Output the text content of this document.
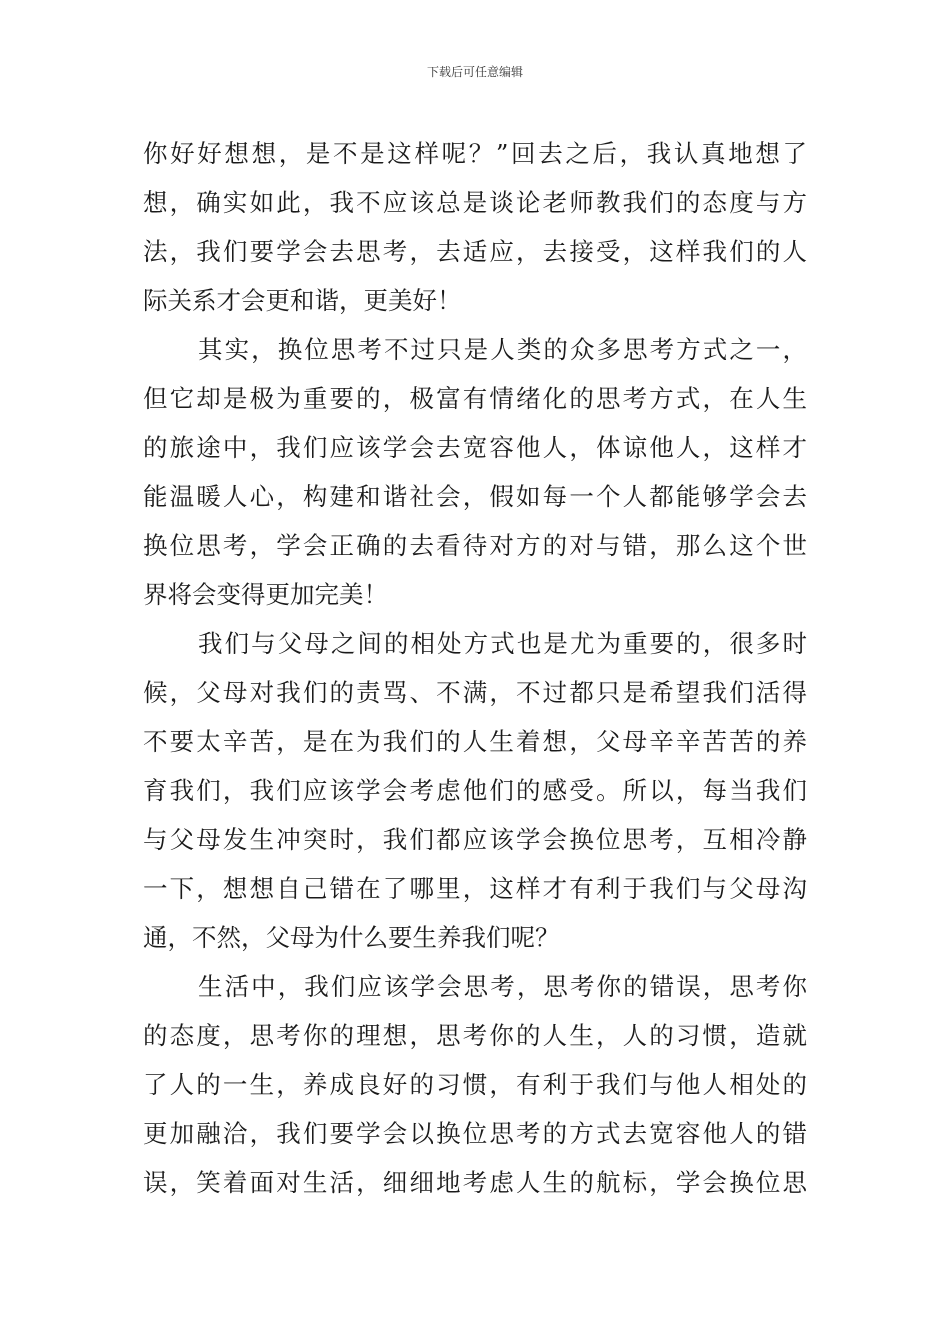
下载后可任意编辑
你好好想想，是不是这样呢？”回去之后，我认真地想了
想，确实如此，我不应该总是谈论老师教我们的态度与方
法，我们要学会去思考，去适应，去接受，这样我们的人
际关系才会更和谐，更美好！
其实，换位思考不过只是人类的众多思考方式之一，
但它却是极为重要的，极富有情绪化的思考方式，在人生
的旅途中，我们应该学会去宽容他人，体谅他人，这样才
能温暖人心，构建和谐社会，假如每一个人都能够学会去
换位思考，学会正确的去看待对方的对与错，那么这个世
界将会变得更加完美！
我们与父母之间的相处方式也是尤为重要的，很多时
候，父母对我们的责骂、不满，不过都只是希望我们活得
不要太辛苦，是在为我们的人生着想，父母辛辛苦苦的养
育我们，我们应该学会考虑他们的感受。所以，每当我们
与父母发生冲突时，我们都应该学会换位思考，互相冷静
一下，想想自己错在了哪里，这样才有利于我们与父母沟
通，不然，父母为什么要生养我们呢？
生活中，我们应该学会思考，思考你的错误，思考你
的态度，思考你的理想，思考你的人生，人的习惯，造就
了人的一生，养成良好的习惯，有利于我们与他人相处的
更加融洽，我们要学会以换位思考的方式去宽容他人的错
误，笑着面对生活，细细地考虑人生的航标，学会换位思
